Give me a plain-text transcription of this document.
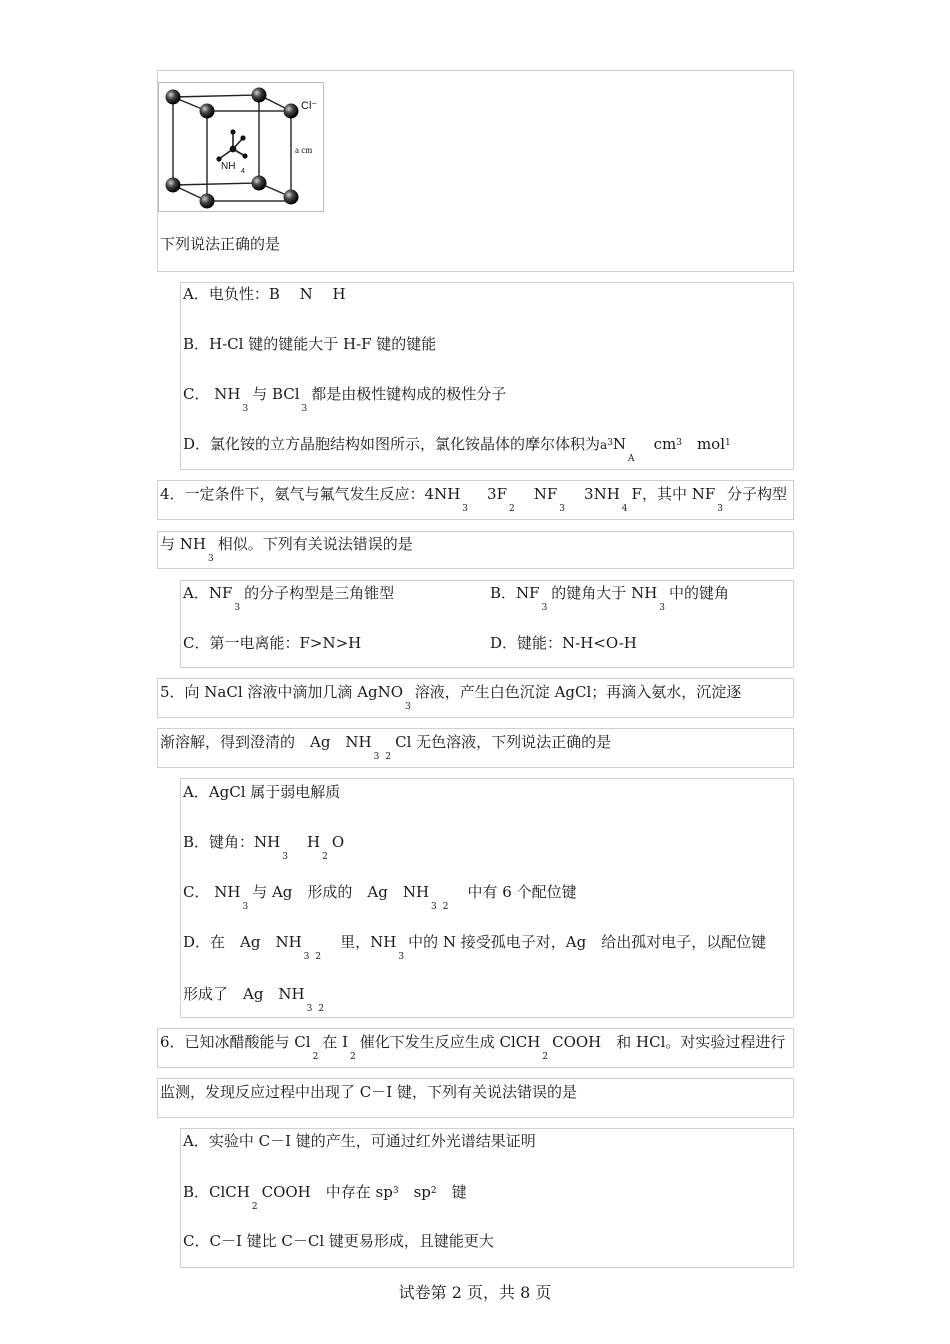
Cl⁻
a cm
NH 4
下列说法正确的是
A．电负性：B　 N　 H
B．H-Cl 键的键能大于 H-F 键的键能
C． $NH_3$与 BCl$_3$都是由极性键构成的极性分子
D．氯化铵的立方晶胞结构如图所示，氯化铵晶体的摩尔体积为$a^3N_A$　$cm^3$　 mol$^1$
4．一定条件下，氨气与氟气发生反应：$4NH_3$　$3F_2$　$NF_3$　$3NH_4F$，其中 $NF_3$分子构型
与 $NH_3$相似。下列有关说法错误的是
A．$NF_3$的分子构型是三角锥型	B．$NF_3$的键角大于 $NH_3$中的键角
C．第一电离能：F>N>H	D．键能：N-H<O-H
5．向 NaCl 溶液中滴加几滴 AgNO$_3$溶液，产生白色沉淀 AgCl；再滴入氨水，沉淀逐
渐溶解，得到澄清的　Ag　$NH_3$ $_2$Cl 无色溶液，下列说法正确的是
A．AgCl 属于弱电解质
B．键角：$NH_3$　$H_2O$
C． $NH_3$与 Ag　形成的　Ag　$NH_3$ $_2$　中有 6 个配位键
D．在　Ag　$NH_3$ $_2$　里，$NH_3$中的 N 接受孤电子对，Ag　给出孤对电子，以配位键
形成了　Ag　$NH_3$ $_2$
6．已知冰醋酸能与 $Cl_2$在 $I_2$催化下发生反应生成 ClCH$_2$COOH　和 HCl。对实验过程进行
监测，发现反应过程中出现了 C－I 键，下列有关说法错误的是
A．实验中 C－I 键的产生，可通过红外光谱结果证明
B．ClCH$_2$COOH　中存在 $sp^3$　$sp^2$　键
C．C－I 键比 C－Cl 键更易形成，且键能更大
试卷第 2 页，共 8 页
